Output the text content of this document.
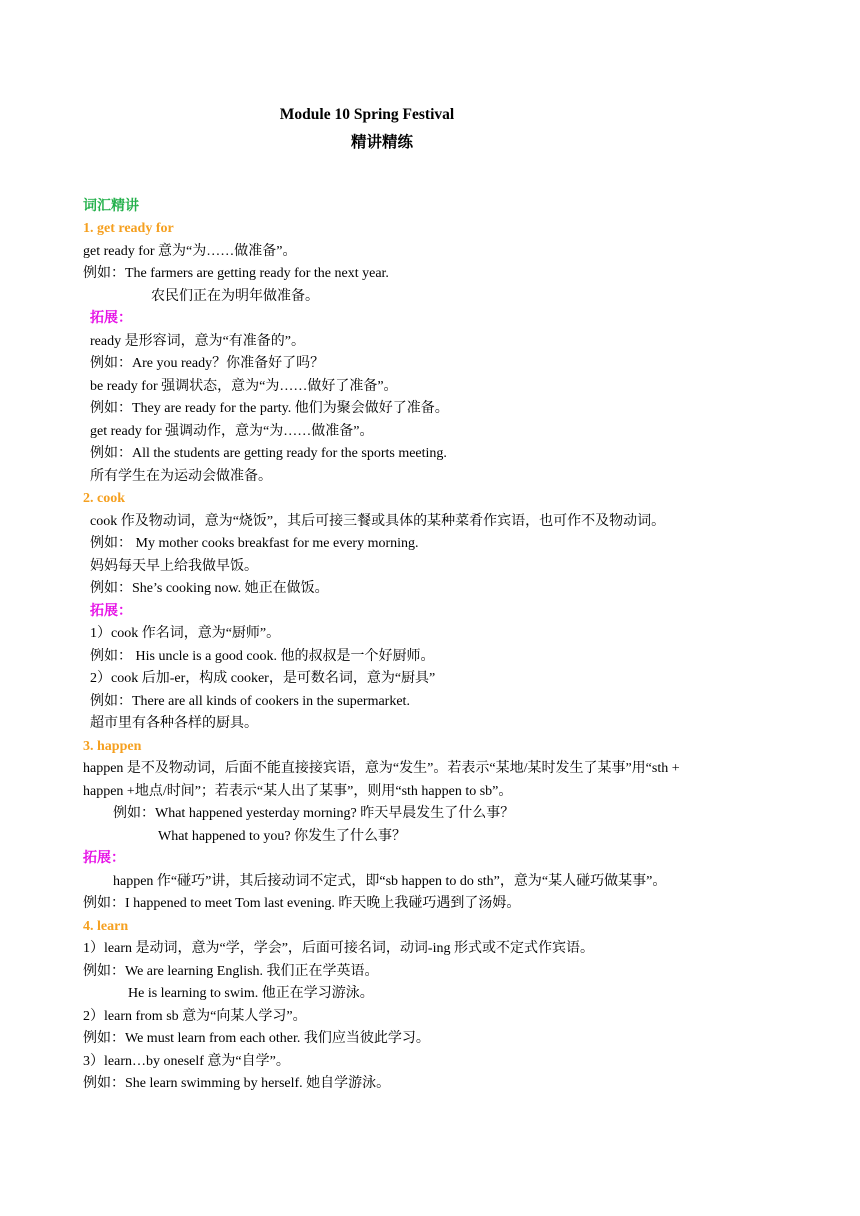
Module 10 Spring Festival
精讲精练
词汇精讲
1. get ready for
get ready for 意为“为……做准备”。
例如：The farmers are getting ready for the next year.
农民们正在为明年做准备。
拓展：
ready 是形容词，意为“有准备的”。
例如：Are you ready？你准备好了吗？
be ready for 强调状态，意为“为……做好了准备”。
例如：They are ready for the party. 他们为聚会做好了准备。
get ready for 强调动作，意为“为……做准备”。
例如：All the students are getting ready for the sports meeting.
所有学生在为运动会做准备。
2. cook
cook 作及物动词，意为“烧饭”，其后可接三餐或具体的某种菜肴作宾语，也可作不及物动词。
例如： My mother cooks breakfast for me every morning.
妈妈每天早上给我做早饭。
例如：She’s cooking now. 她正在做饭。
拓展：
1）cook 作名词，意为“厨师”。
例如： His uncle is a good cook. 他的叔叔是一个好厨师。
2）cook 后加-er，构成 cooker，是可数名词，意为“厨具”
例如：There are all kinds of cookers in the supermarket.
超市里有各种各样的厨具。
3. happen
happen 是不及物动词，后面不能直接接宾语，意为“发生”。若表示“某地/某时发生了某事”用“sth +
happen +地点/时间”；若表示“某人出了某事”，则用“sth happen to sb”。
例如：What happened yesterday morning? 昨天早晨发生了什么事？
What happened to you? 你发生了什么事？
拓展：
happen 作“碰巧”讲，其后接动词不定式，即“sb happen to do sth”，意为“某人碰巧做某事”。
例如：I happened to meet Tom last evening. 昨天晚上我碰巧遇到了汤姆。
4. learn
1）learn 是动词，意为“学，学会”，后面可接名词，动词-ing 形式或不定式作宾语。
例如：We are learning English. 我们正在学英语。
He is learning to swim. 他正在学习游泳。
2）learn from sb 意为“向某人学习”。
例如：We must learn from each other. 我们应当彼此学习。
3）learn…by oneself 意为“自学”。
例如：She learn swimming by herself. 她自学游泳。
